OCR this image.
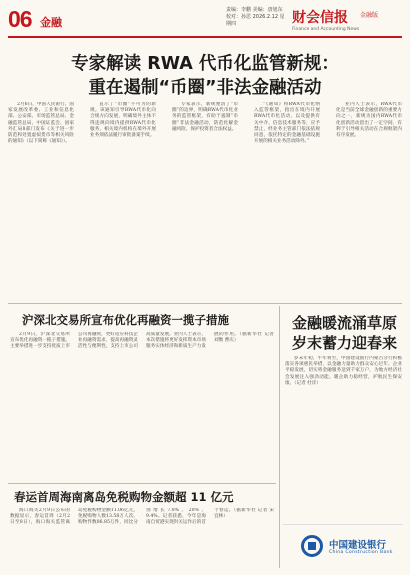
06 金融
责编：李鹏 美编：唐旭东
校对：孙思 2026.2.12 星期四	财会信报 金融版
Finance and Accounting News
专家解读 RWA 代币化监管新规：
重在遏制“币圈”非法金融活动

2月6日，中国人民银行、国家发展改革委、工业和信息化部、公安部、市场监管总局、金融监管总局、中国证监会、国家外汇局8部门发布《关于进一步防范和处置虚拟货币等相关风险的通知》（以下简称《通知》）。

直示了“币圈”不可为的新规。该通知引导RWA代币化向合规方向发展，明确境外主体不得违规向境内提供RWA代币化服务，相关境内机构在境外开展业务须依法履行审批备案手续。

专家表示，新规厘清了“币圈”的边界，明确RWA代币化业务的监管框架，有助于遏制“币圈”非法金融活动，防范化解金融风险，保护投资者合法权益。

“《通知》将RWA代币化纳入监管框架，指出在境内开展RWA代币化活动，以及提供有关中介、信息技术服务等，应予禁止，经业务主管部门依法依规同意，依托特定的金融基础设施开展的相关业务活动除外。”

业内人士表示，RWA代币化是当前全球金融创新的重要方向之一，新规为国内RWA代币化创新活动留出了一定空间，有利于引导相关活动在合规框架内有序发展。

沪深北交易所宣布优化再融资一揽子措施

2月9日，沪深北交易所宣布优化再融资一揽子措施。主要举措进一步支持优质上市公司再融资，更好适应科技企业再融资需求，提高再融资灵活性与便利性，支持上市公司高质量发展。业内人士表示，本次措施将更好发挥资本市场服务实体经济和新质生产力发展的作用。（据新华社 记者 刘衡 曹庆）

金融暖流涌草原
岁末蓄力迎春来

岁末年初，牛年将至，中国建设银行内蒙古分行积极落实各项惠民举措，以金融力量助力群众安心过年、企业平稳发展，切实将金融服务送到千家万户，为地方经济社会发展注入强劲动能。暖企助力稳经营，护航民生保安康。（记者 杜洋）

春运首周海南离岛免税购物金额超 11 亿元

海口海关2月9日公布的数据显示，春运首周（2月2日至8日），海口海关监管离岛免税购物金额11.06亿元，免税购物人数13.58万人次，购物件数86.85万件，同比分别增长7.8%、20%、9.4%。记者获悉，今年是海南自贸港实现封关运作后的首个春运。（据新华社 记者 宋宜林）

中国建设银行
China Construction Bank
